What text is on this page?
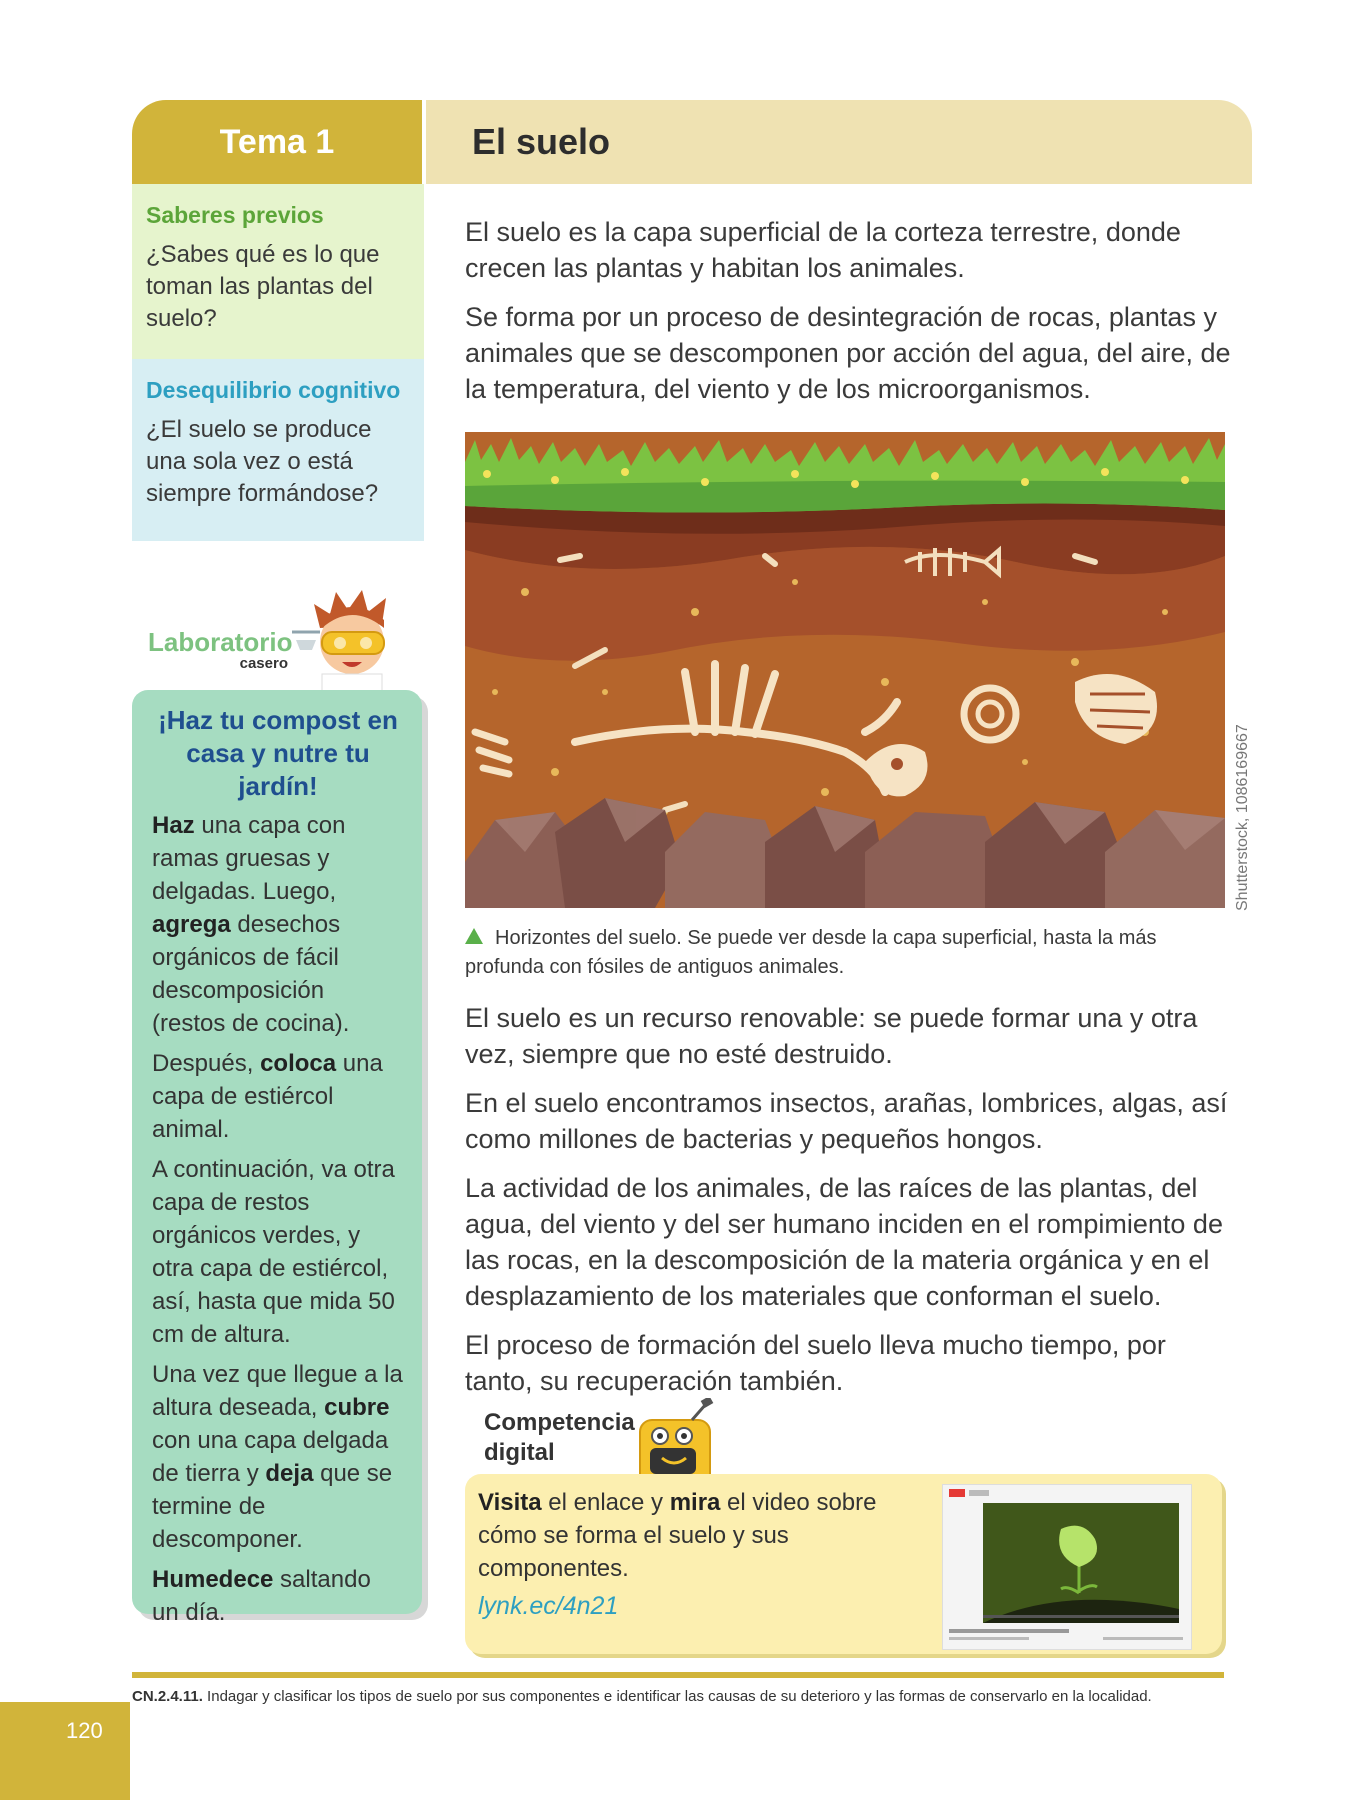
Tema 1	El suelo
Saberes previos
¿Sabes qué es lo que toman las plantas del suelo?
Desequilibrio cognitivo
¿El suelo se produce una sola vez o está siempre formándose?
Laboratorio
casero
¡Haz tu compost en casa y nutre tu jardín!

Haz una capa con ramas gruesas y delgadas. Luego, agrega desechos orgánicos de fácil descomposición (restos de cocina).

Después, coloca una capa de estiércol animal.

A continuación, va otra capa de restos orgánicos verdes, y otra capa de estiércol, así, hasta que mida 50 cm de altura.

Una vez que llegue a la altura deseada, cubre con una capa delgada de tierra y deja que se termine de descomponer.

Humedece saltando un día.

El suelo es la capa superficial de la corteza terrestre, donde crecen las plantas y habitan los animales.

Se forma por un proceso de desintegración de rocas, plantas y animales que se descomponen por acción del agua, del aire, de la temperatura, del viento y de los microorganismos.

Shutterstock, 1086169667
Horizontes del suelo. Se puede ver desde la capa superficial, hasta la más profunda con fósiles de antiguos animales.

El suelo es un recurso renovable: se puede formar una y otra vez, siempre que no esté destruido.

En el suelo encontramos insectos, arañas, lombrices, algas, así como millones de bacterias y pequeños hongos.

La actividad de los animales, de las raíces de las plantas, del agua, del viento y del ser humano inciden en el rompimiento de las rocas, en la descomposición de la materia orgánica y en el desplazamiento de los materiales que conforman el suelo.

El proceso de formación del suelo lleva mucho tiempo, por tanto, su recuperación también.

Competencia
digital
Visita el enlace y mira el video sobre cómo se forma el suelo y sus componentes.
lynk.ec/4n21
CN.2.4.11. Indagar y clasificar los tipos de suelo por sus componentes e identificar las causas de su deterioro y las formas de conservarlo en la localidad.
120
